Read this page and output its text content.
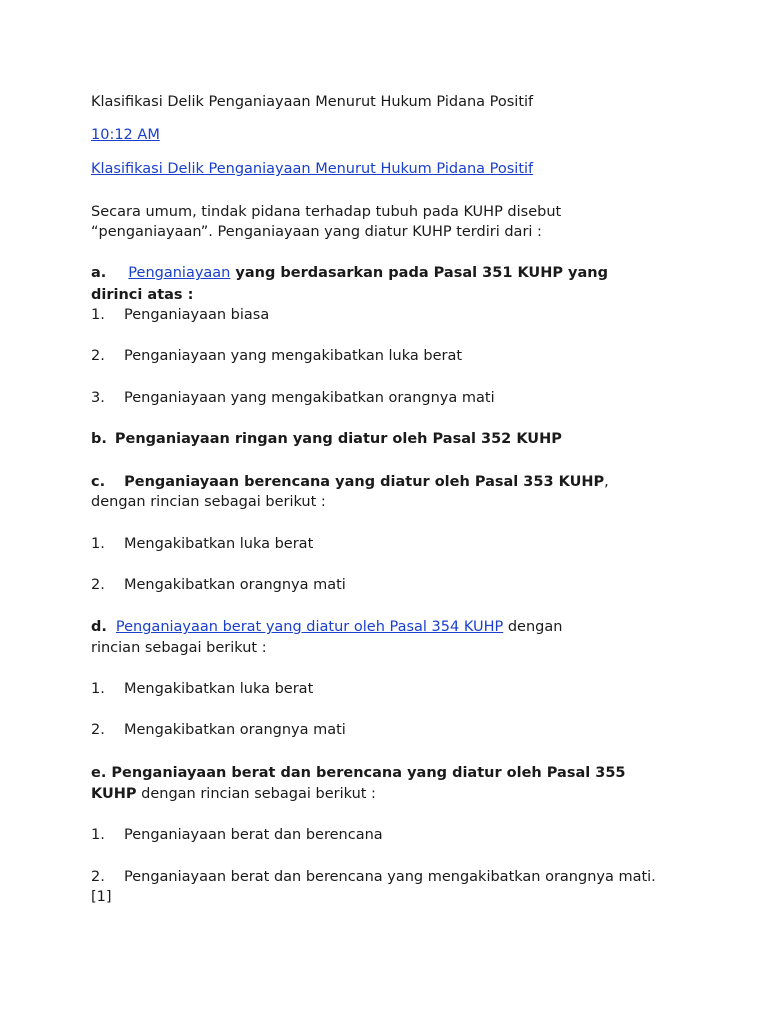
Klasifikasi Delik Penganiayaan Menurut Hukum Pidana Positif
10:12 AM
Klasifikasi Delik Penganiayaan Menurut Hukum Pidana Positif
Secara umum, tindak pidana terhadap tubuh pada KUHP disebut
“penganiayaan”. Penganiayaan yang diatur KUHP terdiri dari :
a. Penganiayaan yang berdasarkan pada Pasal 351 KUHP yang
dirinci atas :
1. Penganiayaan biasa
2. Penganiayaan yang mengakibatkan luka berat
3. Penganiayaan yang mengakibatkan orangnya mati
b. Penganiayaan ringan yang diatur oleh Pasal 352 KUHP
c. Penganiayaan berencana yang diatur oleh Pasal 353 KUHP,
dengan rincian sebagai berikut :
1. Mengakibatkan luka berat
2. Mengakibatkan orangnya mati
d. Penganiayaan berat yang diatur oleh Pasal 354 KUHP dengan
rincian sebagai berikut :
1. Mengakibatkan luka berat
2. Mengakibatkan orangnya mati
e. Penganiayaan berat dan berencana yang diatur oleh Pasal 355
KUHP dengan rincian sebagai berikut :
1. Penganiayaan berat dan berencana
2. Penganiayaan berat dan berencana yang mengakibatkan orangnya mati.
[1]
